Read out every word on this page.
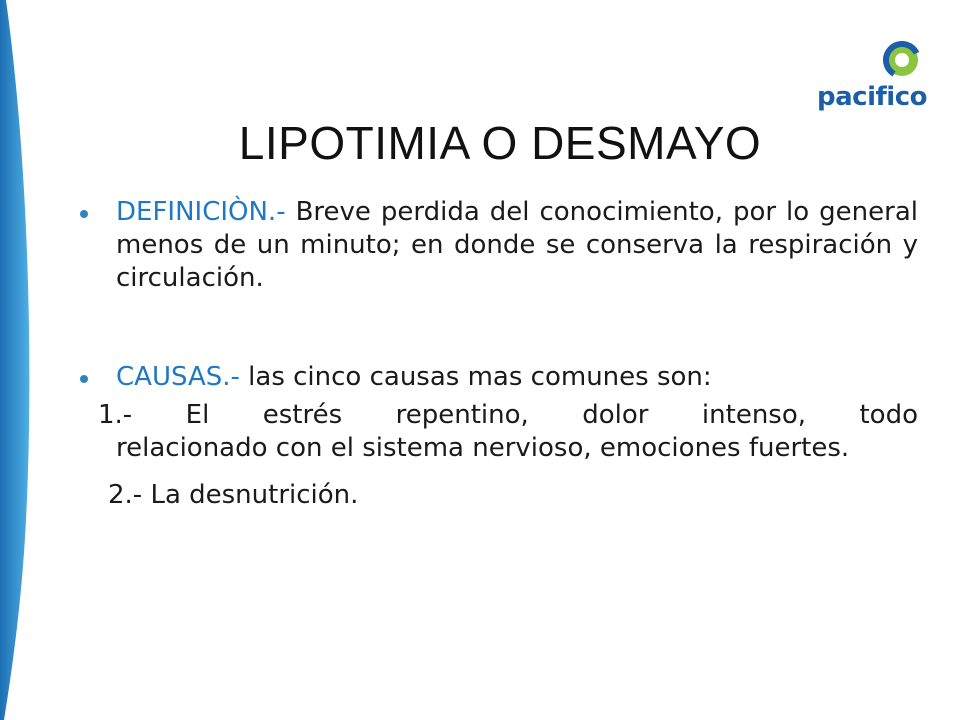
pacifico
LIPOTIMIA O DESMAYO
DEFINICIÒN.- Breve perdida del conocimiento, por lo general menos de un minuto; en donde se conserva la respiración y circulación.
CAUSAS.- las cinco causas mas comunes son:
1.- El estrés repentino, dolor intenso, todo
relacionado con el sistema nervioso, emociones fuertes.
2.- La desnutrición.
